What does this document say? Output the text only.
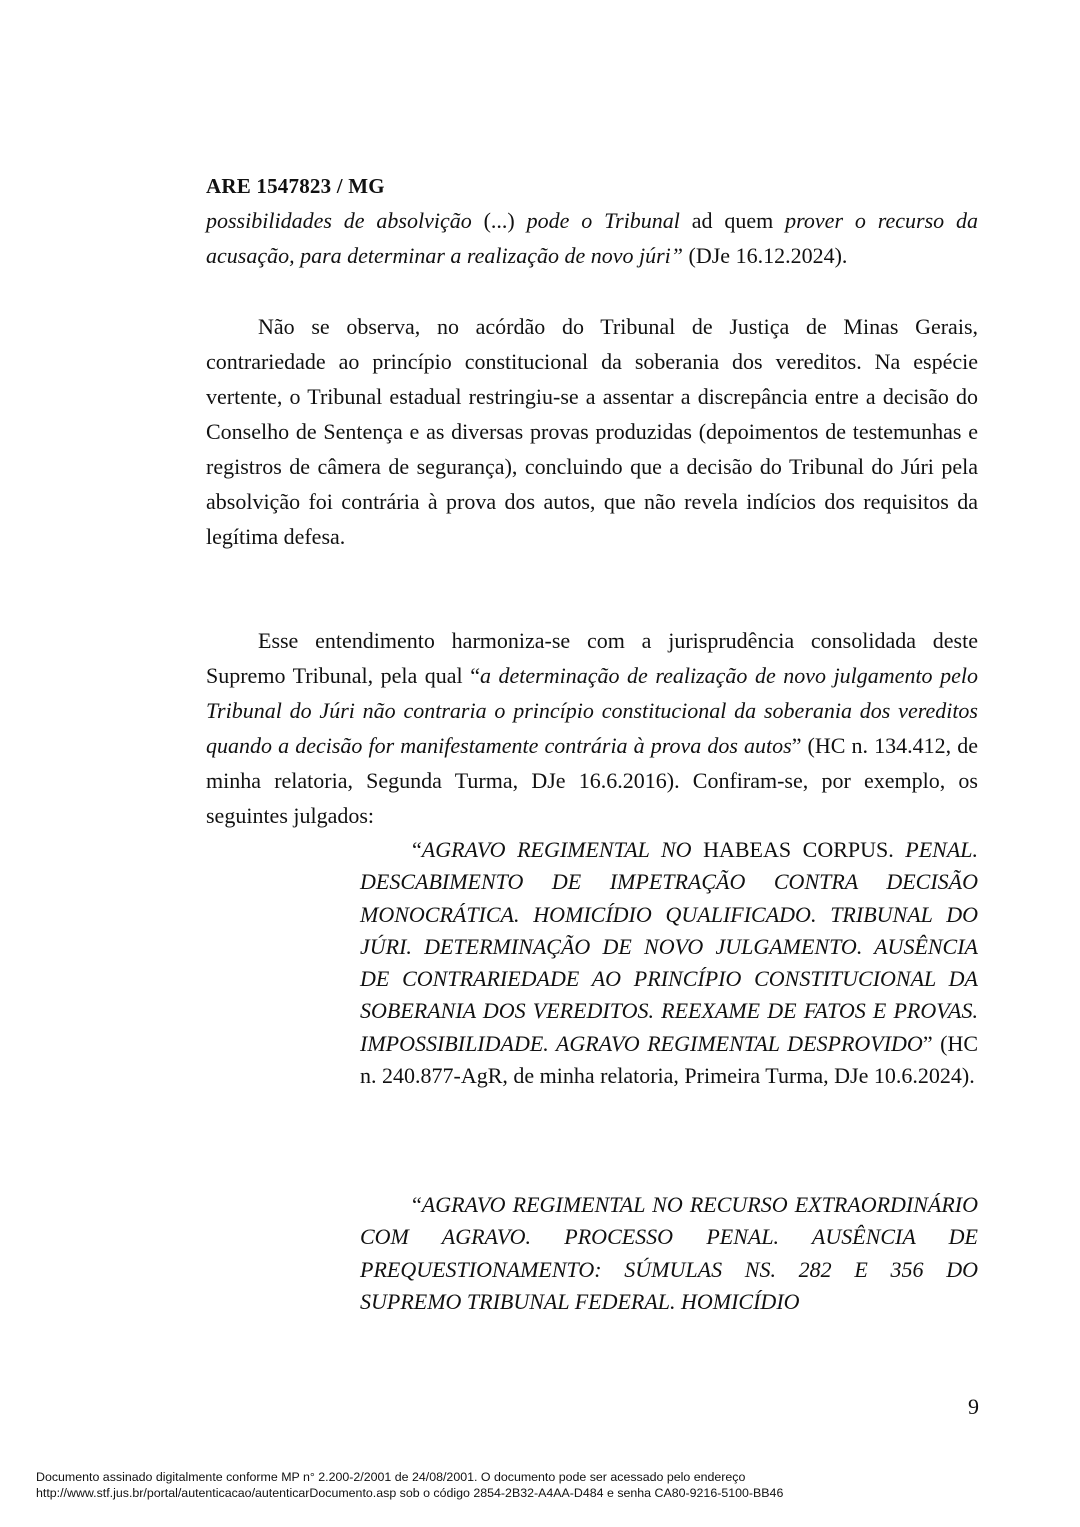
ARE 1547823 / MG

possibilidades de absolvição (...) pode o Tribunal ad quem prover o recurso da acusação, para determinar a realização de novo júri” (DJe 16.12.2024).

Não se observa, no acórdão do Tribunal de Justiça de Minas Gerais, contrariedade ao princípio constitucional da soberania dos vereditos. Na espécie vertente, o Tribunal estadual restringiu-se a assentar a discrepância entre a decisão do Conselho de Sentença e as diversas provas produzidas (depoimentos de testemunhas e registros de câmera de segurança), concluindo que a decisão do Tribunal do Júri pela absolvição foi contrária à prova dos autos, que não revela indícios dos requisitos da legítima defesa.

Esse entendimento harmoniza-se com a jurisprudência consolidada deste Supremo Tribunal, pela qual “a determinação de realização de novo julgamento pelo Tribunal do Júri não contraria o princípio constitucional da soberania dos vereditos quando a decisão for manifestamente contrária à prova dos autos” (HC n. 134.412, de minha relatoria, Segunda Turma, DJe 16.6.2016). Confiram-se, por exemplo, os seguintes julgados:

“AGRAVO REGIMENTAL NO HABEAS CORPUS. PENAL. DESCABIMENTO DE IMPETRAÇÃO CONTRA DECISÃO MONOCRÁTICA. HOMICÍDIO QUALIFICADO. TRIBUNAL DO JÚRI. DETERMINAÇÃO DE NOVO JULGAMENTO. AUSÊNCIA DE CONTRARIEDADE AO PRINCÍPIO CONSTITUCIONAL DA SOBERANIA DOS VEREDITOS. REEXAME DE FATOS E PROVAS. IMPOSSIBILIDADE. AGRAVO REGIMENTAL DESPROVIDO” (HC n. 240.877-AgR, de minha relatoria, Primeira Turma, DJe 10.6.2024).

“AGRAVO REGIMENTAL NO RECURSO EXTRAORDINÁRIO COM AGRAVO. PROCESSO PENAL. AUSÊNCIA DE PREQUESTIONAMENTO: SÚMULAS NS. 282 E 356 DO SUPREMO TRIBUNAL FEDERAL. HOMICÍDIO

9
Documento assinado digitalmente conforme MP n° 2.200-2/2001 de 24/08/2001. O documento pode ser acessado pelo endereço
http://www.stf.jus.br/portal/autenticacao/autenticarDocumento.asp sob o código 2854-2B32-A4AA-D484 e senha CA80-9216-5100-BB46
